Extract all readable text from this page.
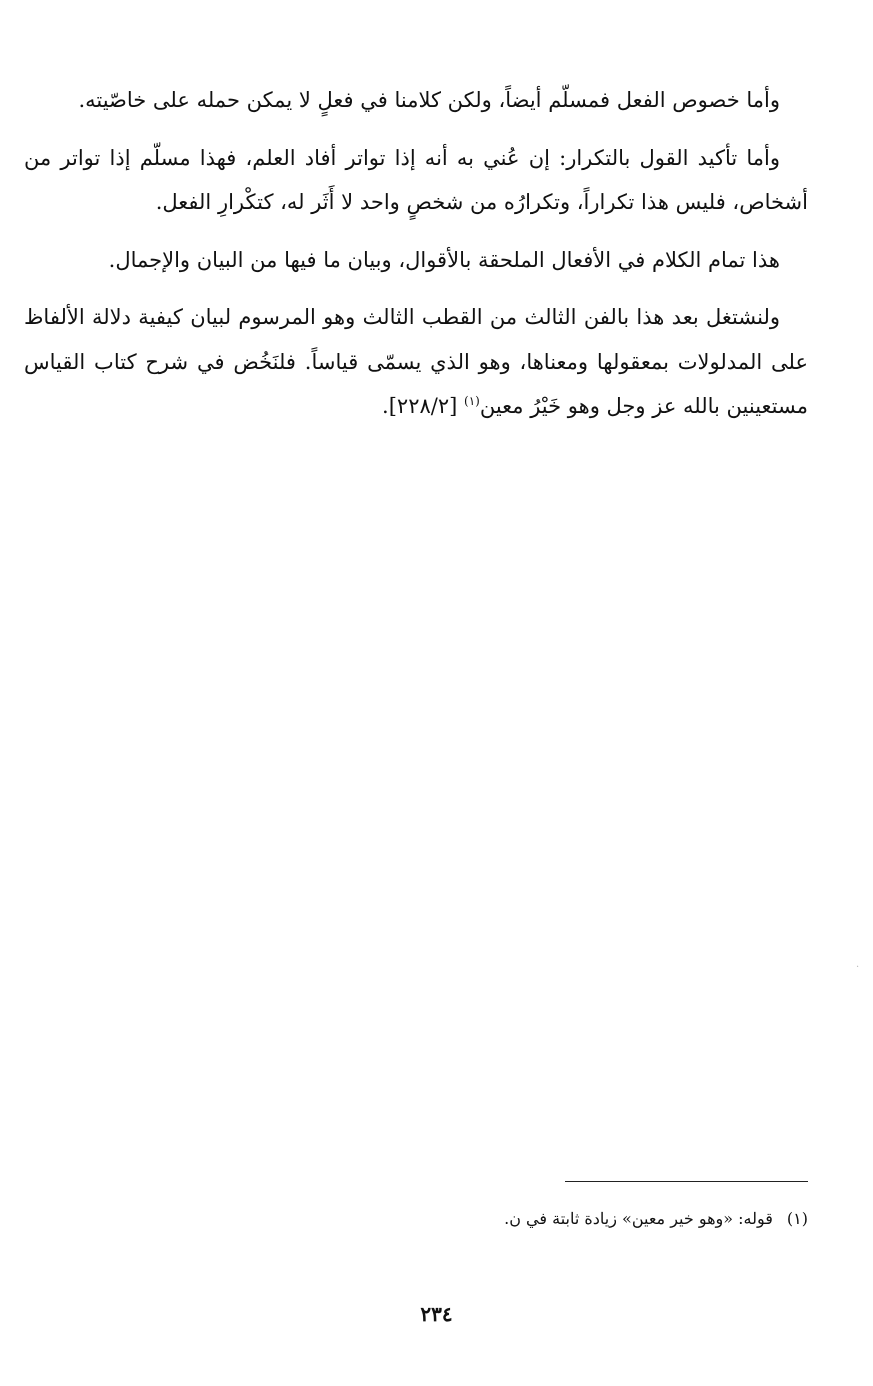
وأما خصوص الفعل فمسلّم أيضاً، ولكن كلامنا في فعلٍ لا يمكن حمله على خاصّيته.

وأما تأكيد القول بالتكرار: إن عُني به أنه إذا تواتر أفاد العلم، فهذا مسلّم إذا تواتر من أشخاص، فليس هذا تكراراً، وتكرارُه من شخصٍ واحد لا أَثَر له، كتكْرارِ الفعل.

هذا تمام الكلام في الأفعال الملحقة بالأقوال، وبيان ما فيها من البيان والإجمال.

ولنشتغل بعد هذا بالفن الثالث من القطب الثالث وهو المرسوم لبيان كيفية دلالة الألفاظ على المدلولات بمعقولها ومعناها، وهو الذي يسمّى قياساً. فلنَخُض في شرح كتاب القياس مستعينين بالله عز وجل وهو خَيْرُ معين$^{(١)}$ [٢٢٨/٢].

(١)قوله: «وهو خير معين» زيادة ثابتة في ن.
٢٣٤
·
